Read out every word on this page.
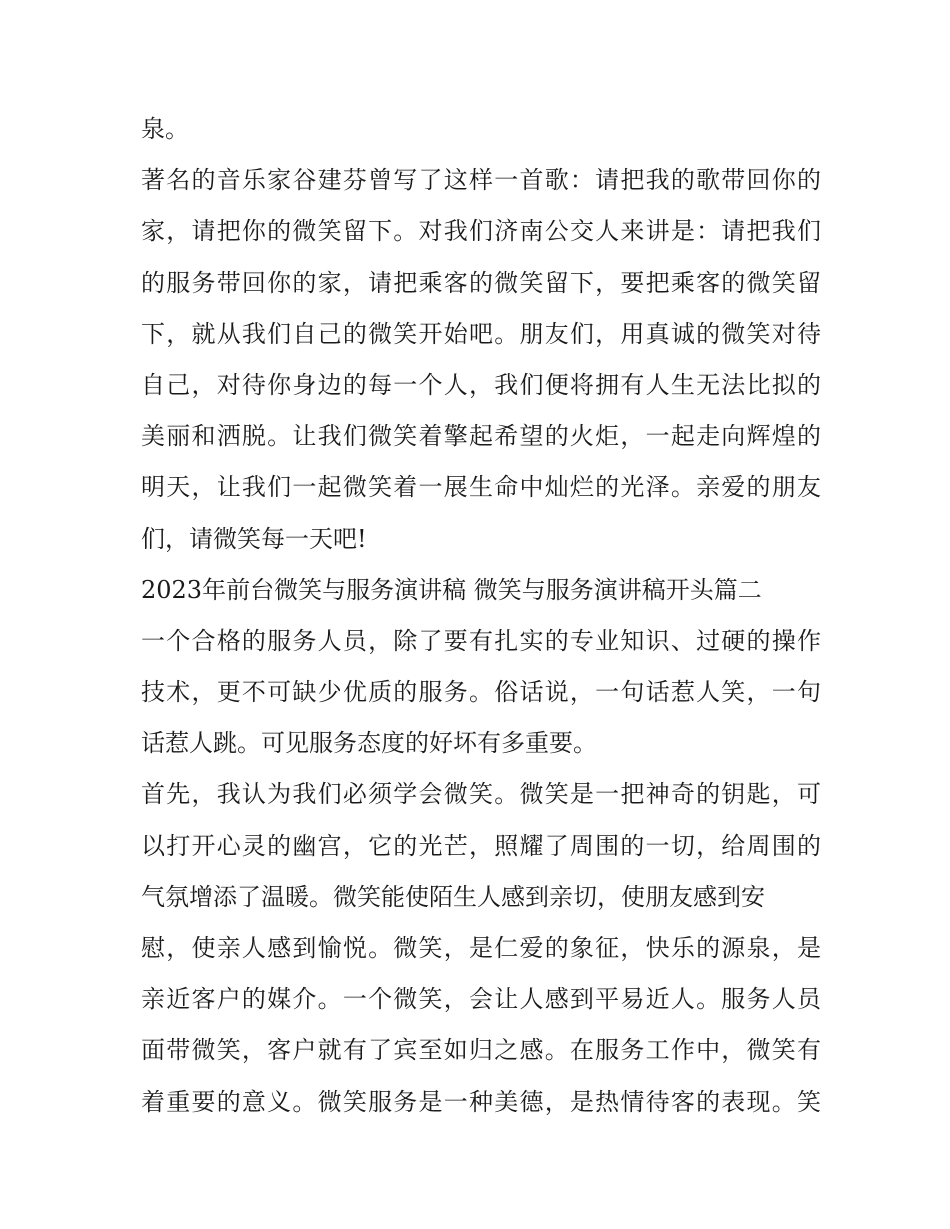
泉。
著名的音乐家谷建芬曾写了这样一首歌：请把我的歌带回你的
家，请把你的微笑留下。对我们济南公交人来讲是：请把我们
的服务带回你的家，请把乘客的微笑留下，要把乘客的微笑留
下，就从我们自己的微笑开始吧。朋友们，用真诚的微笑对待
自己，对待你身边的每一个人，我们便将拥有人生无法比拟的
美丽和洒脱。让我们微笑着擎起希望的火炬，一起走向辉煌的
明天，让我们一起微笑着一展生命中灿烂的光泽。亲爱的朋友
们，请微笑每一天吧!
2023年前台微笑与服务演讲稿 微笑与服务演讲稿开头篇二
一个合格的服务人员，除了要有扎实的专业知识、过硬的操作
技术，更不可缺少优质的服务。俗话说，一句话惹人笑，一句
话惹人跳。可见服务态度的好坏有多重要。
首先，我认为我们必须学会微笑。微笑是一把神奇的钥匙，可
以打开心灵的幽宫，它的光芒，照耀了周围的一切，给周围的
气氛增添了温暖。微笑能使陌生人感到亲切，使朋友感到安
慰，使亲人感到愉悦。微笑，是仁爱的象征，快乐的源泉，是
亲近客户的媒介。一个微笑，会让人感到平易近人。服务人员
面带微笑，客户就有了宾至如归之感。在服务工作中，微笑有
着重要的意义。微笑服务是一种美德，是热情待客的表现。笑
